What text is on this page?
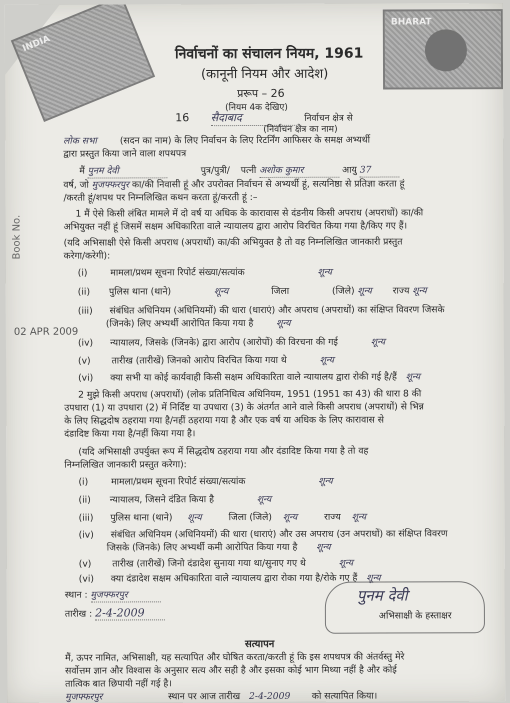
INDIA
BHARAT
Book No.
02 APR 2009
निर्वाचनों का संचालन नियम, 1961
(कानूनी नियम और आदेश)
प्ररूप – 26
(नियम 4क देखिए)
16 सैदाबाद	निर्वाचन क्षेत्र से
(निर्वाचन क्षेत्र का नाम)
लोक सभा (सदन का नाम) के लिए निर्वाचन के लिए रिटर्निंग आफिसर के समक्ष अभ्यर्थी
द्वारा प्रस्तुत किया जाने वाला शपथपत्र
मैं पुनम देवी	पुत्र/पुत्री/ पत्नी अशोक कुमार	आयु 37
वर्ष, जो मुजफ्फरपुर का/की निवासी हूं और उपरोक्त निर्वाचन से अभ्यर्थी हूं, सत्यनिष्ठा से प्रतिज्ञा करता हूं
/करती हूं/शपथ पर निम्नलिखित कथन करता हूं/करती हूं :–
1 मैं ऐसे किसी लंबित मामले में दो वर्ष या अधिक के कारावास से दंडनीय किसी अपराध (अपराधों) का/की
अभियुक्त नहीं हूं जिसमें सक्षम अधिकारिता वाले न्यायालय द्वारा आरोप विरचित किया गया है/किए गए हैं।
(यदि अभिसाक्षी ऐसे किसी अपराध (अपराधों) का/की अभियुक्त है तो वह निम्नलिखित जानकारी प्रस्तुत
करेगा/करेगी):
(i) मामला/प्रथम सूचना रिपोर्ट संख्या/सत्यांक	शून्य
(ii) पुलिस थाना (थाने)	शून्य	जिला	(जिले) शून्य राज्य शून्य
(iii) संबंधित अधिनियम (अधिनियमों) की धारा (धाराएं) और अपराध (अपराधों) का संक्षिप्त विवरण जिसके
(जिनके) लिए अभ्यर्थी आरोपित किया गया है शून्य
(iv) न्यायालय, जिसके (जिनके) द्वारा आरोप (आरोपों) की विरचना की गई	शून्य
(v) तारीख (तारीखें) जिनको आरोप विरचित किया गया थे	शून्य
(vi) क्या सभी या कोई कार्यवाही किसी सक्षम अधिकारिता वाले न्यायालय द्वारा रोकी गई है/हैं शून्य
2 मुझे किसी अपराध (अपराधों) (लोक प्रतिनिधित्व अधिनियम, 1951 (1951 का 43) की धारा 8 की
उपधारा (1) या उपधारा (2) में निर्दिष्ट या उपधारा (3) के अंतर्गत आने वाले किसी अपराध (अपराधों) से भिन्न
के लिए सिद्धदोष ठहराया गया है/नहीं ठहराया गया है और एक वर्ष या अधिक के लिए कारावास से
दंडादिष्ट किया गया है/नहीं किया गया है।
(यदि अभिसाक्षी उपर्युक्त रूप में सिद्धदोष ठहराया गया और दंडादिष्ट किया गया है तो वह
निम्नलिखित जानकारी प्रस्तुत करेगा):
(i) मामला/प्रथम सूचना रिपोर्ट संख्या/सत्यांक	शून्य
(ii) न्यायालय, जिसने दंडित किया है	शून्य
(iii) पुलिस थाना (थाने) शून्य	जिला (जिले) शून्य	राज्य शून्य
(iv) संबंधित अधिनियम (अधिनियमों) की धारा (धाराएं) और उस अपराध (उन अपराधों) का संक्षिप्त विवरण
जिसके (जिनके) लिए अभ्यर्थी कमी आरोपित किया गया है शून्य
(v) तारीख (तारीखें) जिनो दंडादेश सुनाया गया था/सुनाए गए थे	शून्य
(vi) क्या दंडादेश सक्षम अधिकारिता वाले न्यायालय द्वारा रोका गया है/रोके गए हैं शून्य
स्थान : मुजफ्फरपुर
तारीख : 2-4-2009
पुनम देवी
अभिसाक्षी के हस्ताक्षर
सत्यापन
मैं, ऊपर नामित, अभिसाक्षी, यह सत्यापित और घोषित करता/करती हूं कि इस शपथपत्र की अंतर्वस्तु मेरे
सर्वोत्तम ज्ञान और विश्वास के अनुसार सत्य और सही है और इसका कोई भाग मिथ्या नहीं है और कोई
तात्विक बात छिपायी नहीं गई है।
मुजफ्फरपुर	स्थान पर आज तारीख 2-4-2009 को सत्यापित किया।
